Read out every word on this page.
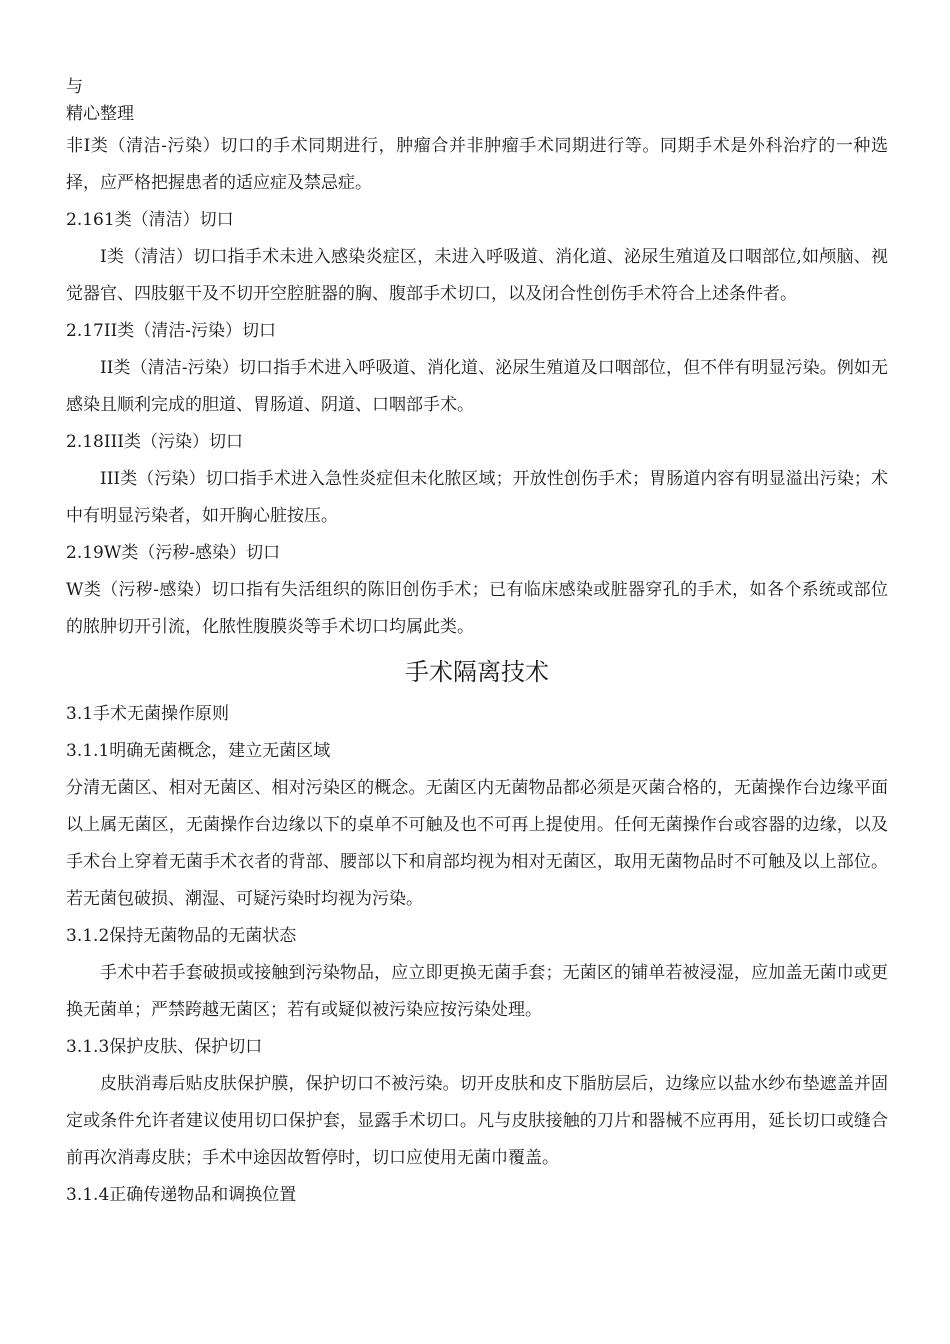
与
精心整理

非Ⅰ类（清洁-污染）切口的手术同期进行，肿瘤合并非肿瘤手术同期进行等。同期手术是外科治疗的一种选择，应严格把握患者的适应症及禁忌症。

2.161类（清洁）切口

I类（清洁）切口指手术未进入感染炎症区，未进入呼吸道、消化道、泌尿生殖道及口咽部位,如颅脑、视觉器官、四肢躯干及不切开空腔脏器的胸、腹部手术切口，以及闭合性创伤手术符合上述条件者。

2.17II类（清洁-污染）切口

II类（清洁-污染）切口指手术进入呼吸道、消化道、泌尿生殖道及口咽部位，但不伴有明显污染。例如无感染且顺利完成的胆道、胃肠道、阴道、口咽部手术。

2.18III类（污染）切口

III类（污染）切口指手术进入急性炎症但未化脓区域；开放性创伤手术；胃肠道内容有明显溢出污染；术中有明显污染者，如开胸心脏按压。

2.19W类（污秽-感染）切口

W类（污秽-感染）切口指有失活组织的陈旧创伤手术；已有临床感染或脏器穿孔的手术，如各个系统或部位的脓肿切开引流，化脓性腹膜炎等手术切口均属此类。

手术隔离技术

3.1手术无菌操作原则

3.1.1明确无菌概念，建立无菌区域

分清无菌区、相对无菌区、相对污染区的概念。无菌区内无菌物品都必须是灭菌合格的，无菌操作台边缘平面以上属无菌区，无菌操作台边缘以下的桌单不可触及也不可再上提使用。任何无菌操作台或容器的边缘，以及手术台上穿着无菌手术衣者的背部、腰部以下和肩部均视为相对无菌区，取用无菌物品时不可触及以上部位。若无菌包破损、潮湿、可疑污染时均视为污染。

3.1.2保持无菌物品的无菌状态

手术中若手套破损或接触到污染物品，应立即更换无菌手套；无菌区的铺单若被浸湿，应加盖无菌巾或更换无菌单；严禁跨越无菌区；若有或疑似被污染应按污染处理。

3.1.3保护皮肤、保护切口

皮肤消毒后贴皮肤保护膜，保护切口不被污染。切开皮肤和皮下脂肪层后，边缘应以盐水纱布垫遮盖并固定或条件允许者建议使用切口保护套，显露手术切口。凡与皮肤接触的刀片和器械不应再用，延长切口或缝合前再次消毒皮肤；手术中途因故暂停时，切口应使用无菌巾覆盖。

3.1.4正确传递物品和调换位置
